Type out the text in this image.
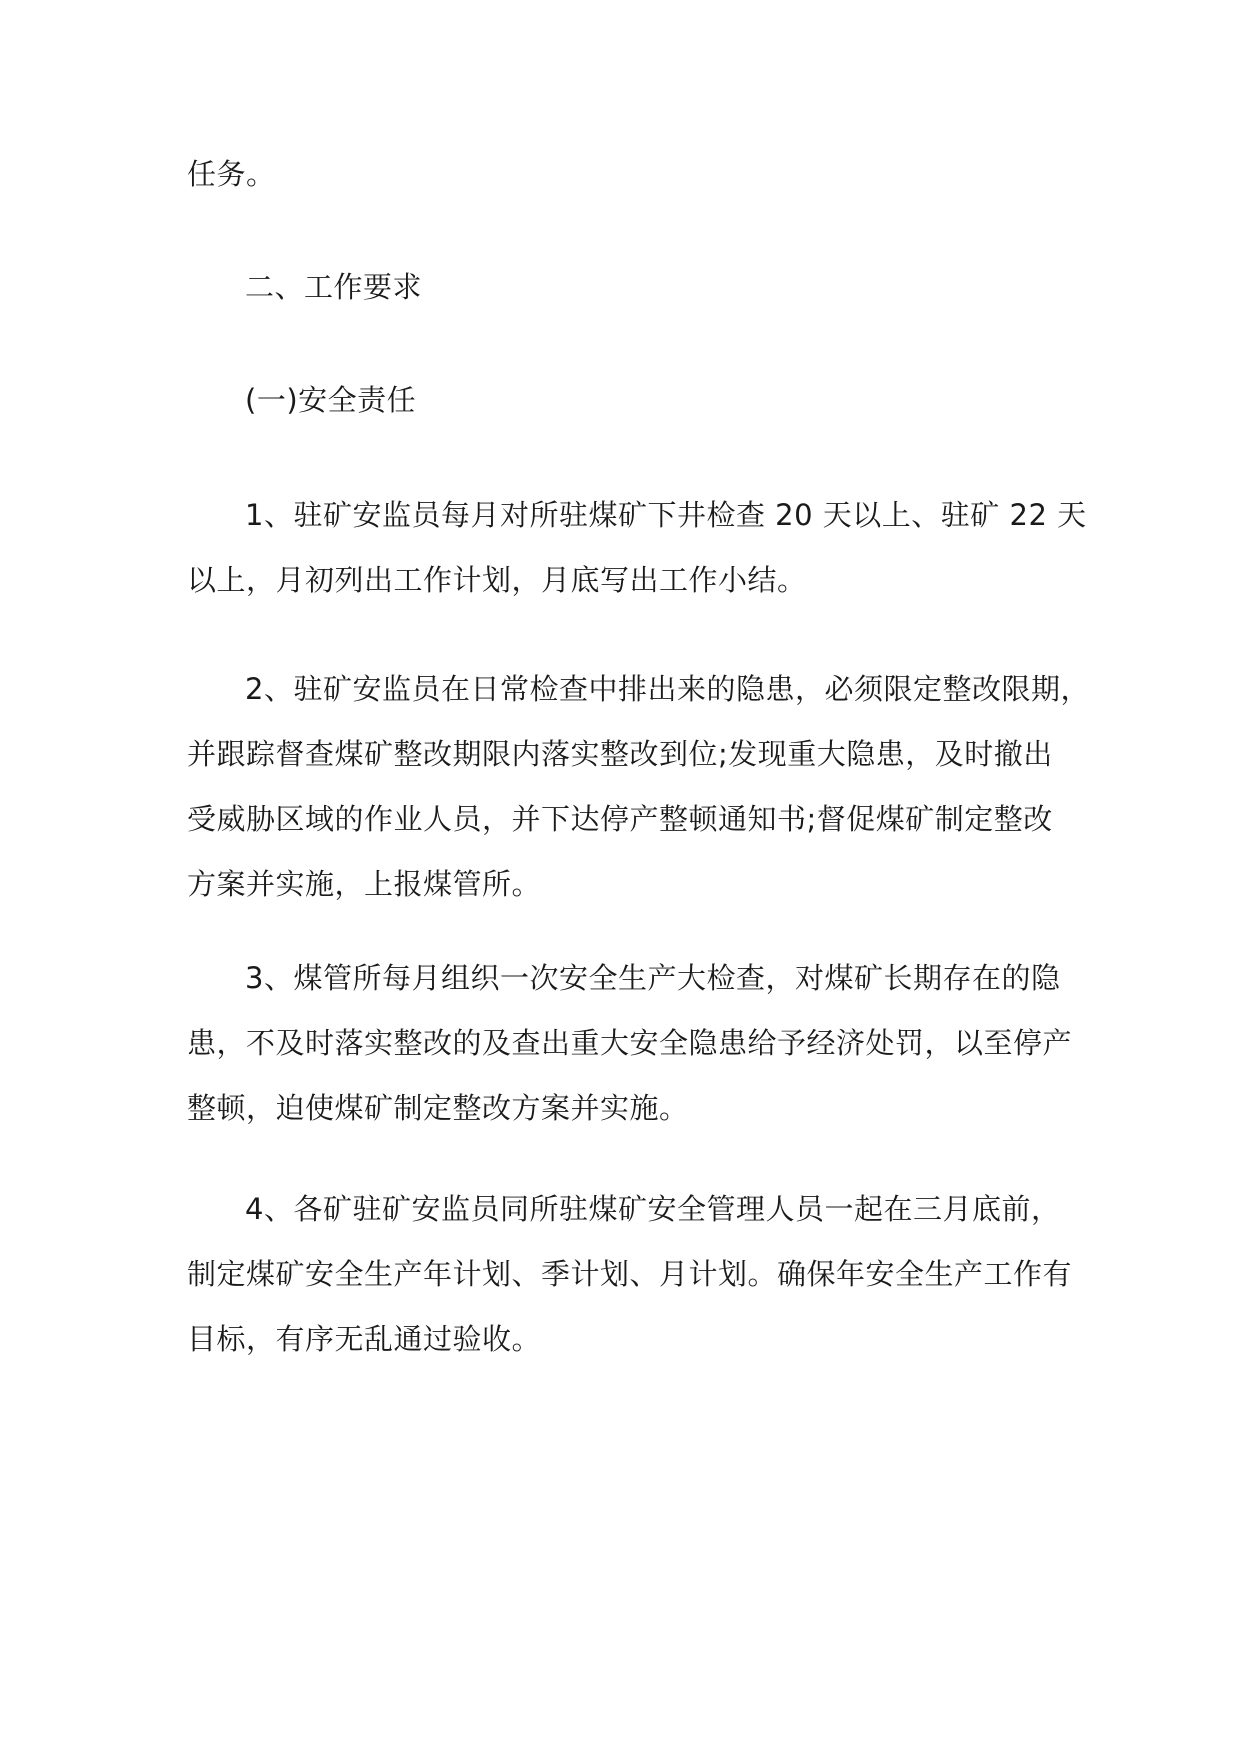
任务。
二、工作要求
(一)安全责任
1、驻矿安监员每月对所驻煤矿下井检查 20 天以上、驻矿 22 天
以上，月初列出工作计划，月底写出工作小结。
2、驻矿安监员在日常检查中排出来的隐患，必须限定整改限期，
并跟踪督查煤矿整改期限内落实整改到位;发现重大隐患，及时撤出
受威胁区域的作业人员，并下达停产整顿通知书;督促煤矿制定整改
方案并实施，上报煤管所。
3、煤管所每月组织一次安全生产大检查，对煤矿长期存在的隐
患，不及时落实整改的及查出重大安全隐患给予经济处罚，以至停产
整顿，迫使煤矿制定整改方案并实施。
4、各矿驻矿安监员同所驻煤矿安全管理人员一起在三月底前，
制定煤矿安全生产年计划、季计划、月计划。确保年安全生产工作有
目标，有序无乱通过验收。
